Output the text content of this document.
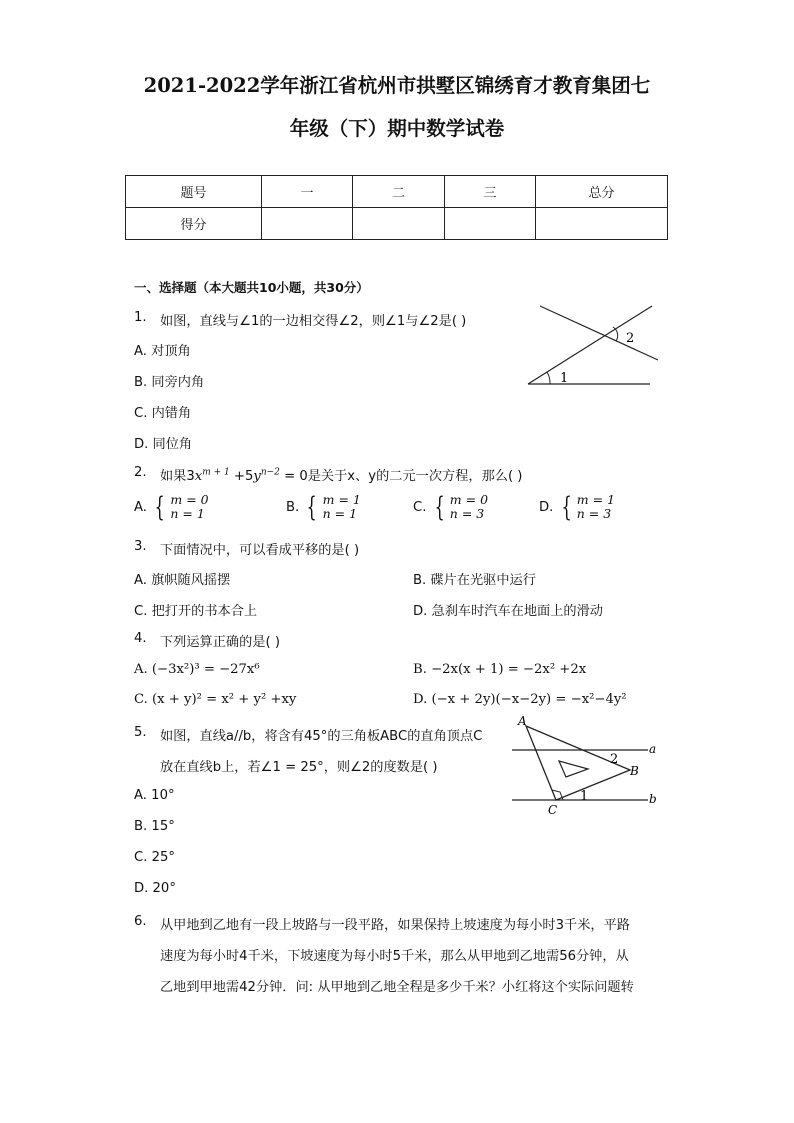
2021-2022学年浙江省杭州市拱墅区锦绣育才教育集团七
年级（下）期中数学试卷
题号	一	二	三	总分
得分				
一、选择题（本大题共10小题，共30分）
1. 如图，直线与∠1的一边相交得∠2，则∠1与∠2是( )
A. 对顶角
B. 同旁内角
C. 内错角
D. 同位角
1
2
2. 如果$3x^{m + 1} +5y^{n-2} = 0$是关于x、y的二元一次方程，那么( )
A. { m = 0
n = 1	B. { m = 1
n = 1	C. { m = 0
n = 3	D. { m = 1
n = 3
3. 下面情况中，可以看成平移的是( )
A. 旗帜随风摇摆	B. 碟片在光驱中运行
C. 把打开的书本合上	D. 急刹车时汽车在地面上的滑动
4. 下列运算正确的是( )
A. (−3x²)³ = −27x⁶	B. −2x(x + 1) = −2x² +2x
C. (x + y)² = x² + y² +xy	D. (−x + 2y)(−x−2y) = −x²−4y²
5. 如图，直线a//b，将含有45°的三角板ABC的直角顶点C
放在直线b上，若∠1 = 25°，则∠2的度数是( )
A. 10°
B. 15°
C. 25°
D. 20°
A
B
C
a
b
1
2
6. 从甲地到乙地有一段上坡路与一段平路，如果保持上坡速度为每小时3千米，平路
速度为每小时4千米，下坡速度为每小时5千米，那么从甲地到乙地需56分钟，从
乙地到甲地需42分钟．问: 从甲地到乙地全程是多少千米？小红将这个实际问题转
